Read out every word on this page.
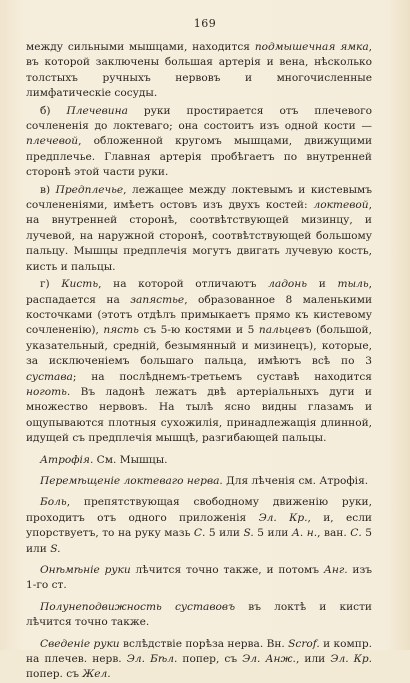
169

между сильными мышцами, находится подмышечная ямка, въ которой заключены большая артерія и вена, нѣсколько толстыхъ ручныхъ нервовъ и многочисленные лимфатическіе сосуды.

б) Плечевина руки простирается отъ плечевого сочлененія до локтеваго; она состоитъ изъ одной кости — плечевой, обложенной кругомъ мышцами, движущими предплечье. Главная артерія пробѣгаетъ по внутренней сторонѣ этой части руки.

в) Предплечье, лежащее между локтевымъ и кистевымъ сочлененіями, имѣетъ остовъ изъ двухъ костей: локтевой, на внутренней сторонѣ, соотвѣтствующей мизинцу, и лучевой, на наружной сторонѣ, соотвѣтствующей большому пальцу. Мышцы предплечія могутъ двигать лучевую кость, кисть и пальцы.

г) Кисть, на которой отличаютъ ладонь и тыль, распадается на запястье, образованное 8 маленькими косточками (этотъ отдѣлъ примыкаетъ прямо къ кистевому сочлененію), пясть съ 5-ю костями и 5 пальцевъ (большой, указательный, средній, безымянный и мизинецъ), которые, за исключеніемъ большаго пальца, имѣютъ всѣ по 3 сустава; на послѣднемъ-третьемъ суставѣ находится ноготь. Въ ладонѣ лежатъ двѣ артеріальныхъ дуги и множество нервовъ. На тылѣ ясно видны глазамъ и ощупываются плотныя сухожилія, принадлежащія длинной, идущей съ предплечія мышцѣ, разгибающей пальцы.

Атрофія. См. Мышцы.

Перемѣщеніе локтеваго нерва. Для лѣченія см. Атрофія.

Боль, препятствующая свободному движенію руки, проходитъ отъ одного приложенія Эл. Кр., и, если упорствуетъ, то на руку мазь С. 5 или S. 5 или А. н., ван. С. 5 или S.

Онѣмѣніе руки лѣчится точно также, и потомъ Анг. изъ 1-го ст.

Полунеподвижность суставовъ въ локтѣ и кисти лѣчится точно также.

Сведеніе руки вслѣдствіе порѣза нерва. Вн. Scrof. и компр. на плечев. нерв. Эл. Бѣл. попер, съ Эл. Анж., или Эл. Кр. попер. съ Жел.
